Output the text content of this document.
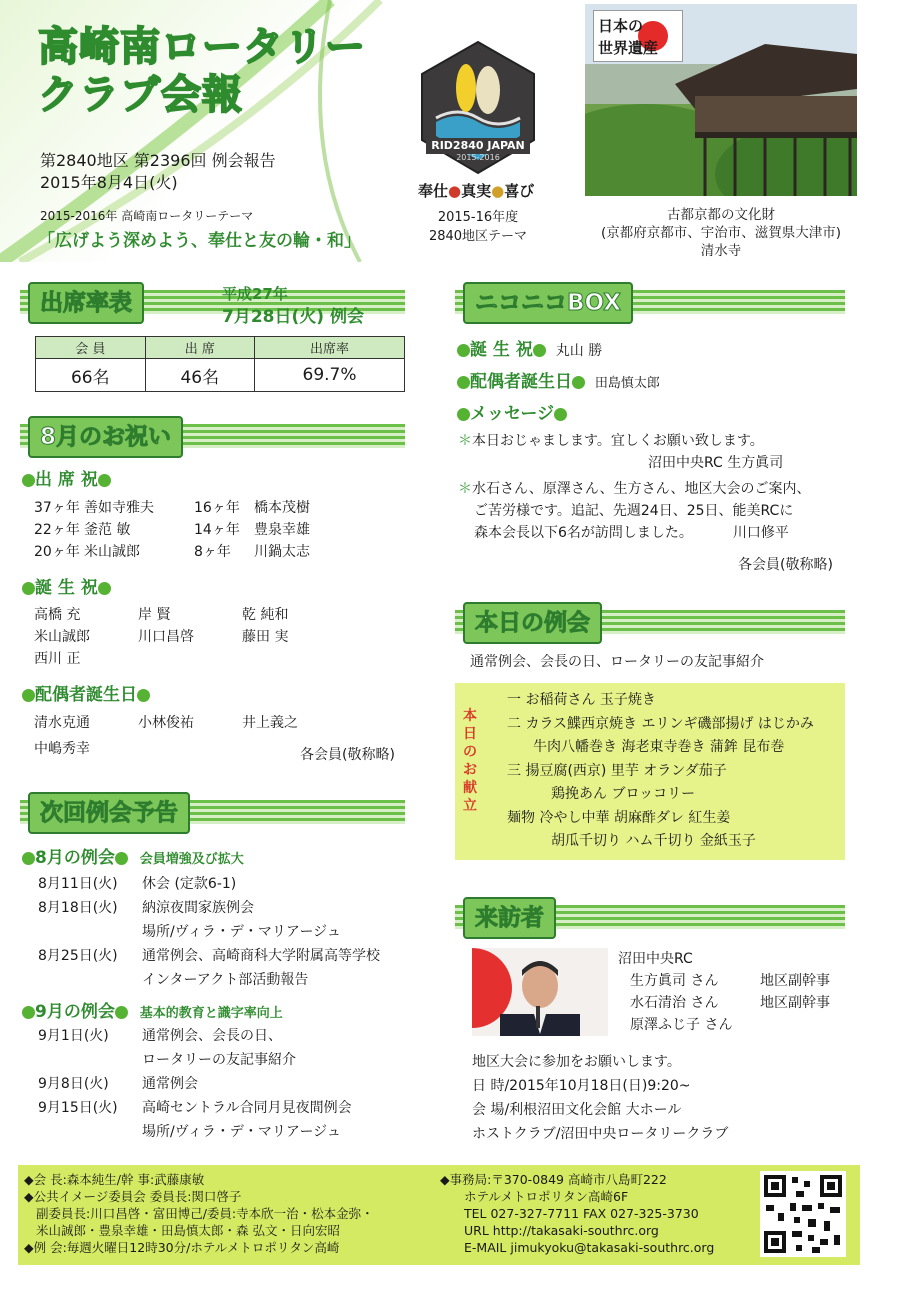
高崎南ロータリー
クラブ会報
第2840地区 第2396回 例会報告
2015年8月4日(火)
2015-2016年 高崎南ロータリーテーマ
「広げよう深めよう、奉仕と友の輪・和」
RID2840 JAPAN
2015-2016
奉仕●真実●喜び
2015-16年度
2840地区テーマ
日本の
世界遺産
古都京都の文化財
(京都府京都市、宇治市、滋賀県大津市)
清水寺
出席率表	平成27年
7月28日(火) 例会
会 員	出 席	出席率
66名	46名	69.7%
8月のお祝い
出 席 祝
37ヶ年 善如寺雅夫	16ヶ年 橋本茂樹
22ヶ年 釜范 敏	14ヶ年 豊泉幸雄
20ヶ年 米山誠郎	8ヶ年 川鍋太志
誕 生 祝
高橋 充	岸 賢	乾 純和
米山誠郎	川口昌啓	藤田 実
西川 正
配偶者誕生日
清水克通	小林俊祐	井上義之
中嶋秀幸	各会員(敬称略)
次回例会予告
8月の例会 会員増強及び拡大
8月11日(火) 休会 (定款6-1)
8月18日(火) 納涼夜間家族例会
場所/ヴィラ・デ・マリアージュ
8月25日(火) 通常例会、高崎商科大学附属高等学校
インターアクト部活動報告
9月の例会 基本的教育と識字率向上
9月1日(火) 通常例会、会長の日、
ロータリーの友記事紹介
9月8日(火) 通常例会
9月15日(火) 高崎セントラル合同月見夜間例会
場所/ヴィラ・デ・マリアージュ
ニコニコBOX
誕 生 祝 丸山 勝
配偶者誕生日 田島慎太郎
メッセージ
＊本日おじゃまします。宜しくお願い致します。
沼田中央RC 生方眞司
＊水石さん、原澤さん、生方さん、地区大会のご案内、
ご苦労様です。追記、先週24日、25日、能美RCに
森本会長以下6名が訪問しました。	川口修平
各会員(敬称略)
本日の例会
通常例会、会長の日、ロータリーの友記事紹介
本日のお献立
一 お稲荷さん 玉子焼き
二 カラス鰈西京焼き エリンギ磯部揚げ はじかみ
牛肉八幡巻き 海老東寺巻き 蒲鉾 昆布巻
三 揚豆腐(西京) 里芋 オランダ茄子
鶏挽あん ブロッコリー
麺物 冷やし中華 胡麻酢ダレ 紅生姜
胡瓜千切り ハム千切り 金紙玉子
来訪者
沼田中央RC
生方眞司 さん	地区副幹事
水石清治 さん	地区副幹事
原澤ふじ子 さん
地区大会に参加をお願いします。
日 時/2015年10月18日(日)9:20~
会 場/利根沼田文化会館 大ホール
ホストクラブ/沼田中央ロータリークラブ
◆会 長:森本純生/幹 事:武藤康敏
◆公共イメージ委員会 委員長:関口啓子
副委員長:川口昌啓・富田博己/委員:寺本欣一治・松本金弥・
米山誠郎・豊泉幸雄・田島慎太郎・森 弘文・日向宏昭
◆例 会:毎週火曜日12時30分/ホテルメトロポリタン高崎
◆事務局:〒370-0849 高崎市八島町222
ホテルメトロポリタン高崎6F
TEL 027-327-7711 FAX 027-325-3730
URL http://takasaki-southrc.org
E-MAIL jimukyoku@takasaki-southrc.org
